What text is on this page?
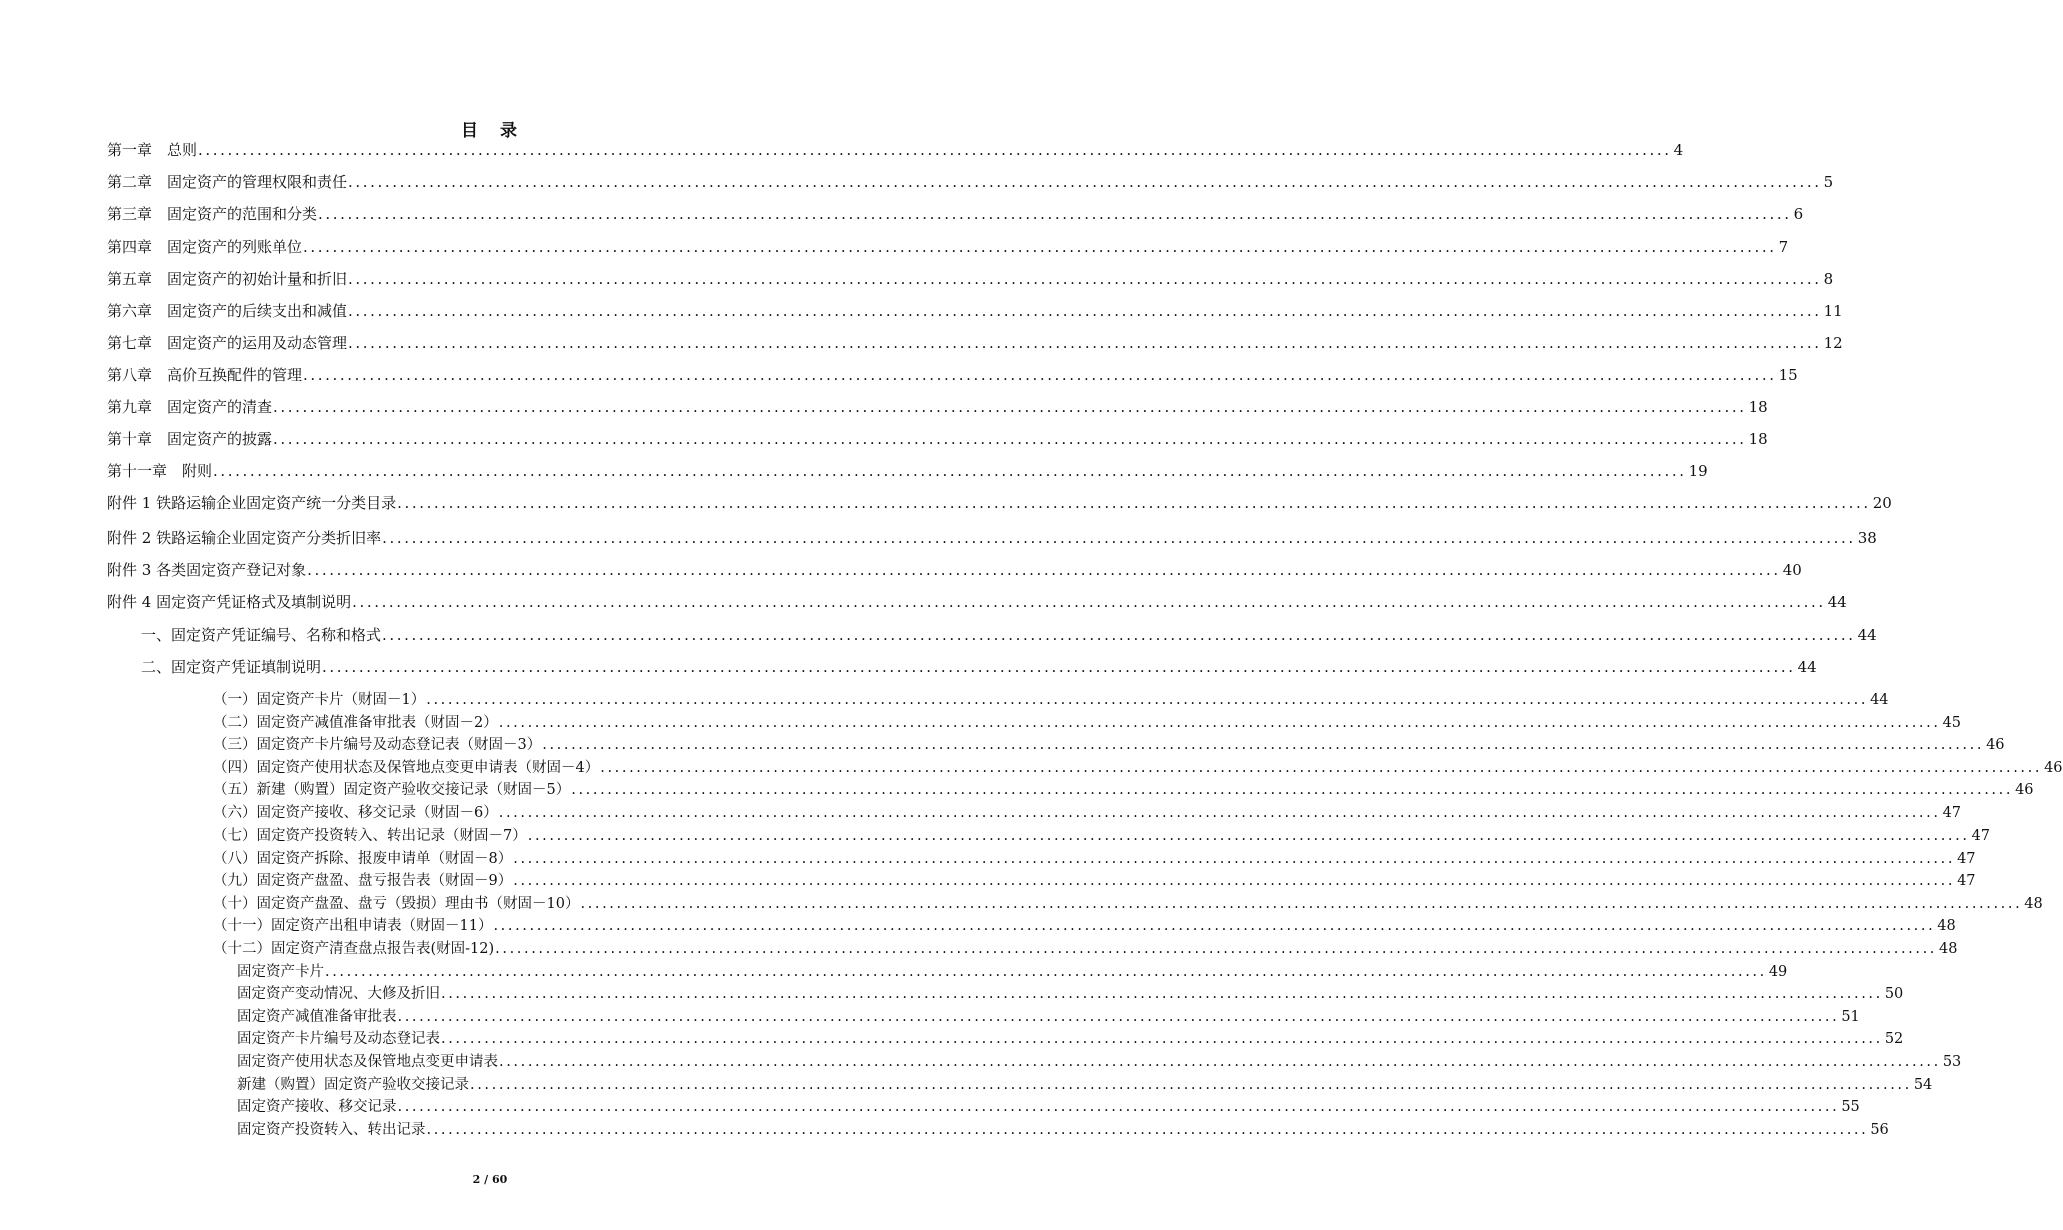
目 录
第一章　总则 ........................................................................................................................................................................................................ 4
第二章　固定资产的管理权限和责任 ........................................................................................................................................................................................................ 5
第三章　固定资产的范围和分类 ........................................................................................................................................................................................................ 6
第四章　固定资产的列账单位 ........................................................................................................................................................................................................ 7
第五章　固定资产的初始计量和折旧 ........................................................................................................................................................................................................ 8
第六章　固定资产的后续支出和减值 ........................................................................................................................................................................................................ 11
第七章　固定资产的运用及动态管理 ........................................................................................................................................................................................................ 12
第八章　高价互换配件的管理 ........................................................................................................................................................................................................ 15
第九章　固定资产的清查 ........................................................................................................................................................................................................ 18
第十章　固定资产的披露 ........................................................................................................................................................................................................ 18
第十一章　附则 ........................................................................................................................................................................................................ 19
附件 1 铁路运输企业固定资产统一分类目录 ........................................................................................................................................................................................................ 20
附件 2 铁路运输企业固定资产分类折旧率 ........................................................................................................................................................................................................ 38
附件 3 各类固定资产登记对象 ........................................................................................................................................................................................................ 40
附件 4 固定资产凭证格式及填制说明 ........................................................................................................................................................................................................ 44
一、固定资产凭证编号、名称和格式 ........................................................................................................................................................................................................ 44
二、固定资产凭证填制说明 ........................................................................................................................................................................................................ 44
（一）固定资产卡片（财固－1） ........................................................................................................................................................................................................ 44
（二）固定资产减值准备审批表（财固－2） ........................................................................................................................................................................................................ 45
（三）固定资产卡片编号及动态登记表（财固－3） ........................................................................................................................................................................................................ 46
（四）固定资产使用状态及保管地点变更申请表（财固－4） ........................................................................................................................................................................................................ 46
（五）新建（购置）固定资产验收交接记录（财固－5） ........................................................................................................................................................................................................ 46
（六）固定资产接收、移交记录（财固－6） ........................................................................................................................................................................................................ 47
（七）固定资产投资转入、转出记录（财固－7） ........................................................................................................................................................................................................ 47
（八）固定资产拆除、报废申请单（财固－8） ........................................................................................................................................................................................................ 47
（九）固定资产盘盈、盘亏报告表（财固－9） ........................................................................................................................................................................................................ 47
（十）固定资产盘盈、盘亏（毁损）理由书（财固－10） ........................................................................................................................................................................................................ 48
（十一）固定资产出租申请表（财固－11） ........................................................................................................................................................................................................ 48
（十二）固定资产清查盘点报告表(财固-12) ........................................................................................................................................................................................................ 48
固定资产卡片 ........................................................................................................................................................................................................ 49
固定资产变动情况、大修及折旧 ........................................................................................................................................................................................................ 50
固定资产减值准备审批表 ........................................................................................................................................................................................................ 51
固定资产卡片编号及动态登记表 ........................................................................................................................................................................................................ 52
固定资产使用状态及保管地点变更申请表 ........................................................................................................................................................................................................ 53
新建（购置）固定资产验收交接记录 ........................................................................................................................................................................................................ 54
固定资产接收、移交记录 ........................................................................................................................................................................................................ 55
固定资产投资转入、转出记录 ........................................................................................................................................................................................................ 56
2 / 60
